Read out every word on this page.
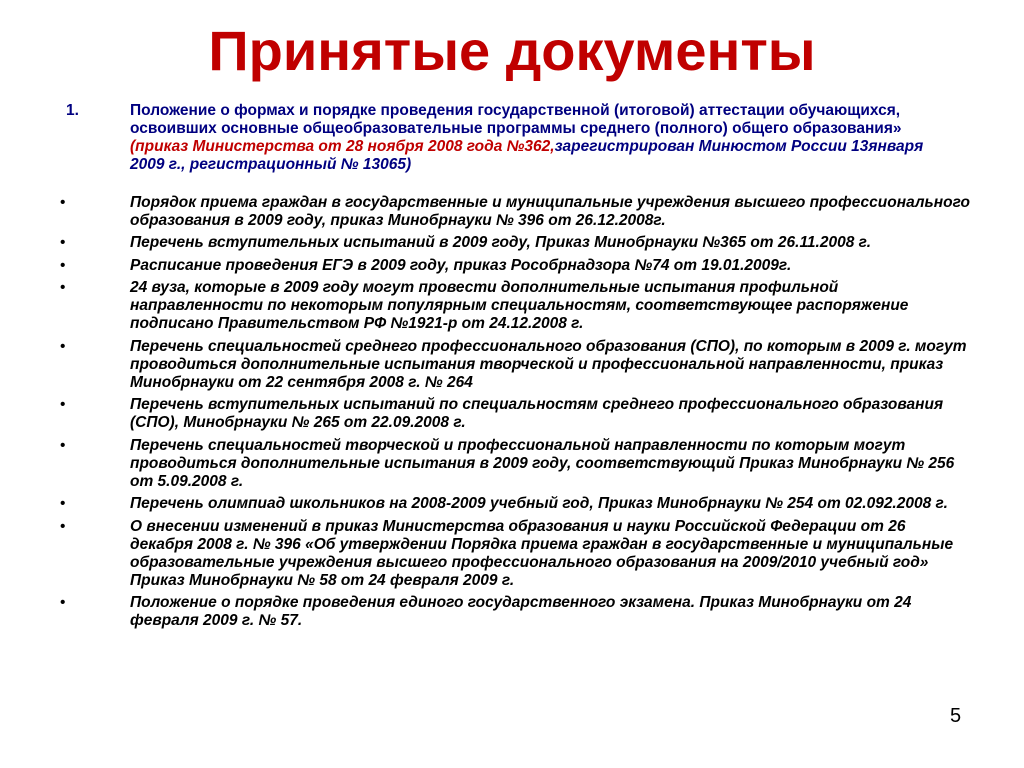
Принятые документы
1.	Положение о формах и порядке проведения государственной (итоговой) аттестации обучающихся, освоивших основные общеобразовательные программы среднего (полного) общего образования» (приказ Министерства от 28 ноября 2008 года №362,зарегистрирован Минюстом России 13января 2009 г., регистрационный № 13065)
•	Порядок приема граждан в государственные и муниципальные учреждения высшего профессионального образования в 2009 году, приказ Минобрнауки № 396 от 26.12.2008г.
•	Перечень вступительных испытаний в 2009 году, Приказ Минобрнауки №365 от 26.11.2008 г.
•	Расписание проведения ЕГЭ в 2009 году, приказ Рособрнадзора №74 от 19.01.2009г.
•	24 вуза, которые в 2009 году могут провести дополнительные испытания профильной направленности по некоторым популярным специальностям, соответствующее распоряжение подписано Правительством РФ №1921-р от 24.12.2008 г.
•	Перечень специальностей среднего профессионального образования (СПО), по которым в 2009 г. могут проводиться дополнительные испытания творческой и профессиональной направленности, приказ Минобрнауки от 22 сентября 2008 г. № 264
•	Перечень вступительных испытаний по специальностям среднего профессионального образования (СПО), Минобрнауки № 265 от 22.09.2008 г.
•	Перечень специальностей творческой и профессиональной направленности по которым могут проводиться дополнительные испытания в 2009 году, соответствующий Приказ Минобрнауки № 256 от 5.09.2008 г.
•	Перечень олимпиад школьников на 2008-2009 учебный год, Приказ Минобрнауки № 254 от 02.092.2008 г.
•	О внесении изменений в приказ Министерства образования и науки Российской Федерации от 26 декабря 2008 г. № 396 «Об утверждении Порядка приема граждан в государственные и муниципальные образовательные учреждения высшего профессионального образования на 2009/2010 учебный год» Приказ Минобрнауки № 58 от 24 февраля 2009 г.
•	Положение о порядке проведения единого государственного экзамена. Приказ Минобрнауки от 24 февраля 2009 г. № 57.
5
